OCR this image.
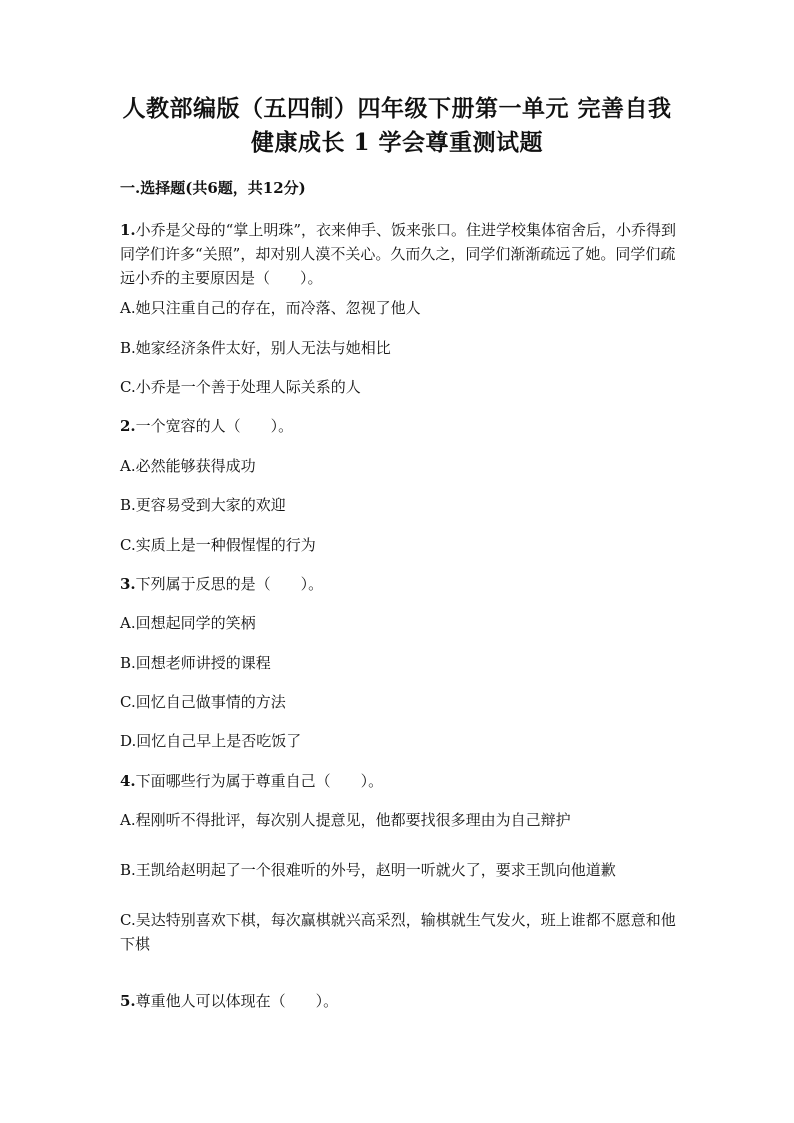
人教部编版（五四制）四年级下册第一单元 完善自我 健康成长 1 学会尊重测试题
一.选择题(共6题，共12分)
1.小乔是父母的“掌上明珠”，衣来伸手、饭来张口。住进学校集体宿舍后，小乔得到同学们许多“关照”，却对别人漠不关心。久而久之，同学们渐渐疏远了她。同学们疏远小乔的主要原因是（　　）。
A.她只注重自己的存在，而冷落、忽视了他人
B.她家经济条件太好，别人无法与她相比
C.小乔是一个善于处理人际关系的人
2.一个宽容的人（　　）。
A.必然能够获得成功
B.更容易受到大家的欢迎
C.实质上是一种假惺惺的行为
3.下列属于反思的是（　　）。
A.回想起同学的笑柄
B.回想老师讲授的课程
C.回忆自己做事情的方法
D.回忆自己早上是否吃饭了
4.下面哪些行为属于尊重自己（　　）。
A.程刚听不得批评，每次别人提意见，他都要找很多理由为自己辩护
B.王凯给赵明起了一个很难听的外号，赵明一听就火了，要求王凯向他道歉
C.吴达特别喜欢下棋，每次赢棋就兴高采烈，输棋就生气发火，班上谁都不愿意和他下棋
5.尊重他人可以体现在（　　）。
